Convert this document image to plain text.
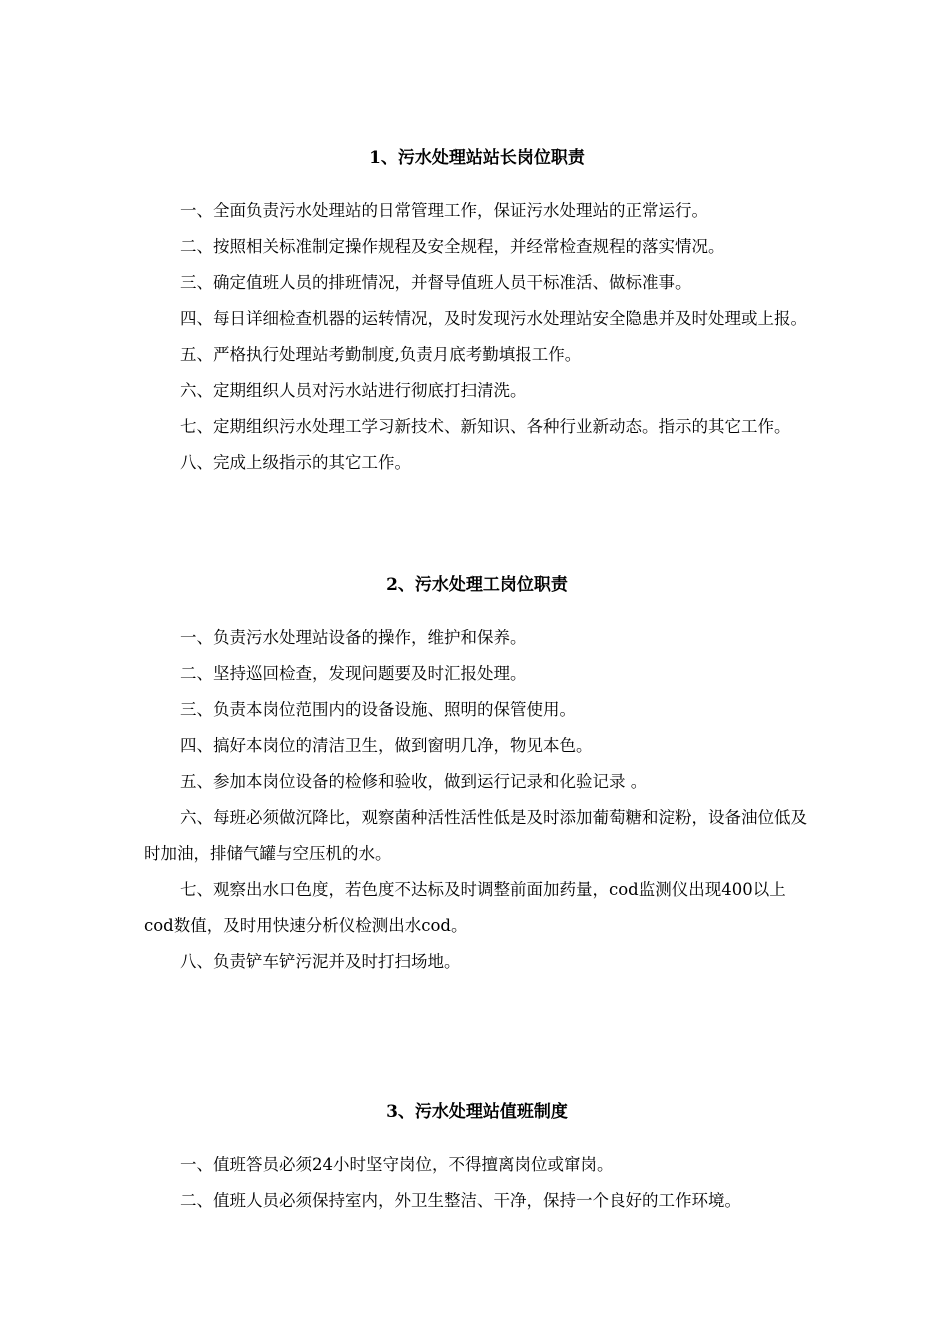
1、污水处理站站长岗位职责

一、全面负责污水处理站的日常管理工作，保证污水处理站的正常运行。

二、按照相关标准制定操作规程及安全规程，并经常检查规程的落实情况。

三、确定值班人员的排班情况，并督导值班人员干标准活、做标准事。

四、每日详细检查机器的运转情况，及时发现污水处理站安全隐患并及时处理或上报。

五、严格执行处理站考勤制度,负责月底考勤填报工作。

六、定期组织人员对污水站进行彻底打扫清洗。

七、定期组织污水处理工学习新技术、新知识、各种行业新动态。指示的其它工作。

八、完成上级指示的其它工作。

2、污水处理工岗位职责

一、负责污水处理站设备的操作，维护和保养。

二、坚持巡回检查，发现问题要及时汇报处理。

三、负责本岗位范围内的设备设施、照明的保管使用。

四、搞好本岗位的清洁卫生，做到窗明几净，物见本色。

五、参加本岗位设备的检修和验收，做到运行记录和化验记录 。

六、每班必须做沉降比，观察菌种活性活性低是及时添加葡萄糖和淀粉，设备油位低及时加油，排储气罐与空压机的水。

七、观察出水口色度，若色度不达标及时调整前面加药量，cod监测仪出现400以上cod数值，及时用快速分析仪检测出水cod。

八、负责铲车铲污泥并及时打扫场地。

3、污水处理站值班制度

一、值班答员必须24小时坚守岗位，不得擅离岗位或窜岗。

二、值班人员必须保持室内，外卫生整洁、干净，保持一个良好的工作环境。
